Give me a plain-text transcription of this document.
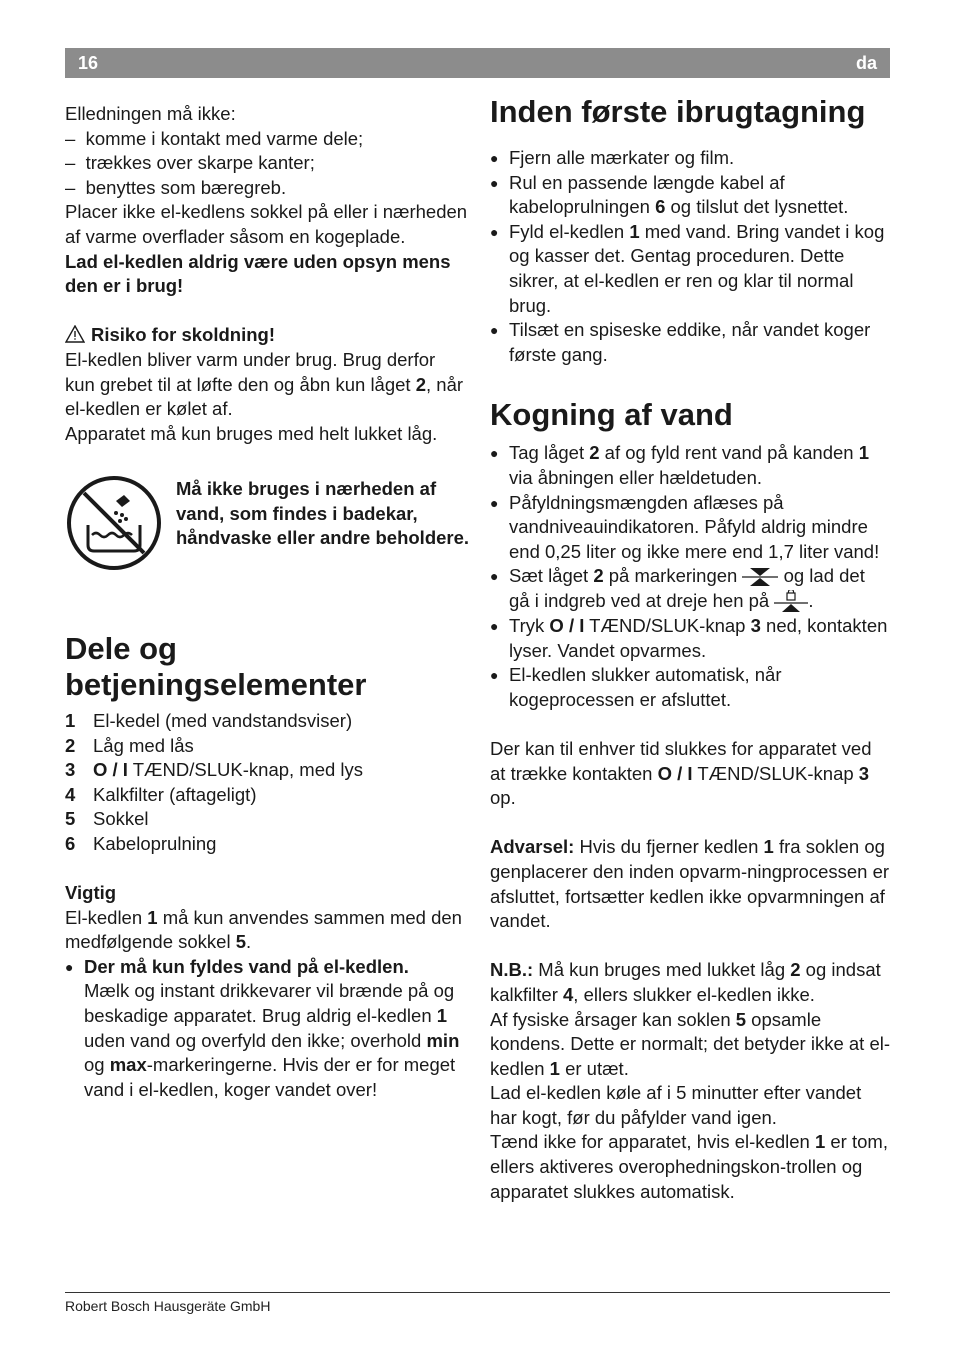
16	da

Elledningen må ikke:

–  komme i kontakt med varme dele;

–  trækkes over skarpe kanter;

–  benyttes som bæregreb.

Placer ikke el-kedlens sokkel på eller i nærheden af varme overflader såsom en kogeplade.

Lad el-kedlen aldrig være uden opsyn mens den er i brug!

Risiko for skoldning!

El-kedlen bliver varm under brug. Brug derfor kun grebet til at løfte den og åbn kun låget 2, når el-kedlen er kølet af.

Apparatet må kun bruges med helt lukket låg.

Må ikke bruges i nærheden af vand, som findes i badekar, håndvaske eller andre beholdere.
Dele og betjeningselementer
1 El-kedel (med vandstandsviser)
2 Låg med lås
3 O / I TÆND/SLUK-knap, med lys
4 Kalkfilter (aftageligt)
5 Sokkel
6 Kabeloprulning

Vigtig

El-kedlen 1 må kun anvendes sammen med den medfølgende sokkel 5.

● Der må kun fyldes vand på el-kedlen.
Mælk og instant drikkevarer vil brænde på og beskadige apparatet. Brug aldrig el-kedlen 1 uden vand og overfyld den ikke; overhold min og max-markeringerne. Hvis der er for meget vand i el-kedlen, koger vandet over!
Inden første ibrugtagning
● Fjern alle mærkater og film.
● Rul en passende længde kabel af kabeloprulningen 6 og tilslut det lysnettet.
● Fyld el-kedlen 1 med vand. Bring vandet i kog og kasser det. Gentag proceduren. Dette sikrer, at el-kedlen er ren og klar til normal brug.
● Tilsæt en spiseske eddike, når vandet koger første gang.
Kogning af vand
● Tag låget 2 af og fyld rent vand på kanden 1 via åbningen eller hældetuden.
● Påfyldningsmængden aflæses på vandniveauindikatoren. Påfyld aldrig mindre end 0,25 liter og ikke mere end 1,7 liter vand!
● Sæt låget 2 på markeringen  og lad det gå i indgreb ved at dreje hen på .
● Tryk O / I TÆND/SLUK-knap 3 ned, kontakten lyser. Vandet opvarmes.
● El-kedlen slukker automatisk, når kogeprocessen er afsluttet.

Der kan til enhver tid slukkes for apparatet ved at trække kontakten O / I TÆND/SLUK-knap 3 op.

Advarsel: Hvis du fjerner kedlen 1 fra soklen og genplacerer den inden opvarm-ningprocessen er afsluttet, fortsætter kedlen ikke opvarmningen af vandet.

N.B.: Må kun bruges med lukket låg 2 og indsat kalkfilter 4, ellers slukker el-kedlen ikke.

Af fysiske årsager kan soklen 5 opsamle kondens. Dette er normalt; det betyder ikke at el-kedlen 1 er utæt.

Lad el-kedlen køle af i 5 minutter efter vandet har kogt, før du påfylder vand igen.

Tænd ikke for apparatet, hvis el-kedlen 1 er tom, ellers aktiveres overophedningskon-trollen og apparatet slukkes automatisk.

Robert Bosch Hausgeräte GmbH
